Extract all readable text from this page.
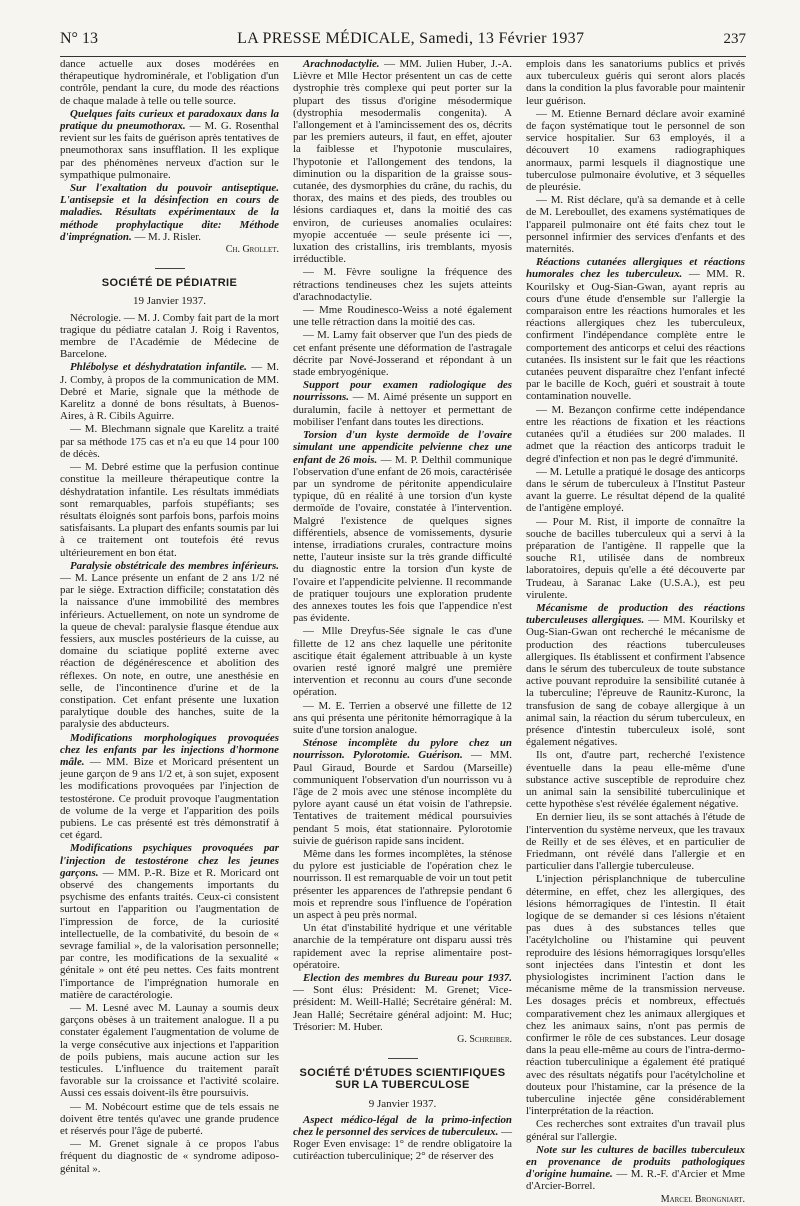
N° 13	LA PRESSE MÉDICALE, Samedi, 13 Février 1937	237

dance actuelle aux doses modérées en thérapeutique hydrominérale, et l'obligation d'un contrôle, pendant la cure, du mode des réactions de chaque malade à telle ou telle source.

Quelques faits curieux et paradoxaux dans la pratique du pneumothorax. — M. G. Rosenthal revient sur les faits de guérison après tentatives de pneumothorax sans insufflation. Il les explique par des phénomènes nerveux d'action sur le sympathique pulmonaire.

Sur l'exaltation du pouvoir antiseptique. L'antisepsie et la désinfection en cours de maladies. Résultats expérimentaux de la méthode prophylactique dite: Méthode d'imprégnation. — M. J. Risler.

Ch. Grollet.
SOCIÉTÉ DE PÉDIATRIE
19 Janvier 1937.

Nécrologie. — M. J. Comby fait part de la mort tragique du pédiatre catalan J. Roig i Raventos, membre de l'Académie de Médecine de Barcelone.

Phlébolyse et déshydratation infantile. — M. J. Comby, à propos de la communication de MM. Debré et Marie, signale que la méthode de Karelitz a donné de bons résultats, à Buenos-Aires, à R. Cibils Aguirre.

— M. Blechmann signale que Karelitz a traité par sa méthode 175 cas et n'a eu que 14 pour 100 de décès.

— M. Debré estime que la perfusion continue constitue la meilleure thérapeutique contre la déshydratation infantile. Les résultats immédiats sont remarquables, parfois stupéfiants; ses résultats éloignés sont parfois bons, parfois moins satisfaisants. La plupart des enfants soumis par lui à ce traitement ont toutefois été revus ultérieurement en bon état.

Paralysie obstétricale des membres inférieurs. — M. Lance présente un enfant de 2 ans 1/2 né par le siège. Extraction difficile; constatation dès la naissance d'une immobilité des membres inférieurs. Actuellement, on note un syndrome de la queue de cheval: paralysie flasque étendue aux fessiers, aux muscles postérieurs de la cuisse, au domaine du sciatique poplité externe avec réaction de dégénérescence et abolition des réflexes. On note, en outre, une anesthésie en selle, de l'incontinence d'urine et de la constipation. Cet enfant présente une luxation paralytique double des hanches, suite de la paralysie des abducteurs.

Modifications morphologiques provoquées chez les enfants par les injections d'hormone mâle. — MM. Bize et Moricard présentent un jeune garçon de 9 ans 1/2 et, à son sujet, exposent les modifications provoquées par l'injection de testostérone. Ce produit provoque l'augmentation de volume de la verge et l'apparition des poils pubiens. Le cas présenté est très démonstratif à cet égard.

Modifications psychiques provoquées par l'injection de testostérone chez les jeunes garçons. — MM. P.-R. Bize et R. Moricard ont observé des changements importants du psychisme des enfants traités. Ceux-ci consistent surtout en l'apparition ou l'augmentation de l'impression de force, de la curiosité intellectuelle, de la combativité, du besoin de « sevrage familial », de la valorisation personnelle; par contre, les modifications de la sexualité « génitale » ont été peu nettes. Ces faits montrent l'importance de l'imprégnation humorale en matière de caractérologie.

— M. Lesné avec M. Launay a soumis deux garçons obèses à un traitement analogue. Il a pu constater également l'augmentation de volume de la verge consécutive aux injections et l'apparition de poils pubiens, mais aucune action sur les testicules. L'influence du traitement paraît favorable sur la croissance et l'activité scolaire. Aussi ces essais doivent-ils être poursuivis.

— M. Nobécourt estime que de tels essais ne doivent être tentés qu'avec une grande prudence et réservés pour l'âge de puberté.

— M. Grenet signale à ce propos l'abus fréquent du diagnostic de « syndrome adiposo-génital ».

Arachnodactylie. — MM. Julien Huber, J.-A. Lièvre et Mlle Hector présentent un cas de cette dystrophie très complexe qui peut porter sur la plupart des tissus d'origine mésodermique (dystrophia mesodermalis congenita). A l'allongement et à l'amincissement des os, décrits par les premiers auteurs, il faut, en effet, ajouter la faiblesse et l'hypotonie musculaires, l'hypotonie et l'allongement des tendons, la diminution ou la disparition de la graisse sous-cutanée, des dysmorphies du crâne, du rachis, du thorax, des mains et des pieds, des troubles ou lésions cardiaques et, dans la moitié des cas environ, de curieuses anomalies oculaires: myopie accentuée — seule présente ici —, luxation des cristallins, iris tremblants, myosis irréductible.

— M. Fèvre souligne la fréquence des rétractions tendineuses chez les sujets atteints d'arachnodactylie.

— Mme Roudinesco-Weiss a noté également une telle rétraction dans la moitié des cas.

— M. Lamy fait observer que l'un des pieds de cet enfant présente une déformation de l'astragale décrite par Nové-Josserand et répondant à un stade embryogénique.

Support pour examen radiologique des nourrissons. — M. Aimé présente un support en duralumin, facile à nettoyer et permettant de mobiliser l'enfant dans toutes les directions.

Torsion d'un kyste dermoïde de l'ovaire simulant une appendicite pelvienne chez une enfant de 26 mois. — M. P. Delthil communique l'observation d'une enfant de 26 mois, caractérisée par un syndrome de péritonite appendiculaire typique, dû en réalité à une torsion d'un kyste dermoïde de l'ovaire, constatée à l'intervention. Malgré l'existence de quelques signes différentiels, absence de vomissements, dysurie intense, irradiations crurales, contracture moins nette, l'auteur insiste sur la très grande difficulté du diagnostic entre la torsion d'un kyste de l'ovaire et l'appendicite pelvienne. Il recommande de pratiquer toujours une exploration prudente des annexes toutes les fois que l'appendice n'est pas évidente.

— Mlle Dreyfus-Sée signale le cas d'une fillette de 12 ans chez laquelle une péritonite ascitique était également attribuable à un kyste ovarien resté ignoré malgré une première intervention et reconnu au cours d'une seconde opération.

— M. E. Terrien a observé une fillette de 12 ans qui présenta une péritonite hémorragique à la suite d'une torsion analogue.

Sténose incomplète du pylore chez un nourrisson. Pylorotomie. Guérison. — MM. Paul Giraud, Bourde et Sardou (Marseille) communiquent l'observation d'un nourrisson vu à l'âge de 2 mois avec une sténose incomplète du pylore ayant causé un état voisin de l'athrepsie. Tentatives de traitement médical poursuivies pendant 5 mois, état stationnaire. Pylorotomie suivie de guérison rapide sans incident.

Même dans les formes incomplètes, la sténose du pylore est justiciable de l'opération chez le nourrisson. Il est remarquable de voir un tout petit présenter les apparences de l'athrepsie pendant 6 mois et reprendre sous l'influence de l'opération un aspect à peu près normal.

Un état d'instabilité hydrique et une véritable anarchie de la température ont disparu aussi très rapidement avec la reprise alimentaire post-opératoire.

Election des membres du Bureau pour 1937.— Sont élus: Président: M. Grenet; Vice-président: M. Weill-Hallé; Secrétaire général: M. Jean Hallé; Secrétaire général adjoint: M. Huc; Trésorier: M. Huber.

G. Schreiber.
SOCIÉTÉ D'ÉTUDES SCIENTIFIQUES
SUR LA TUBERCULOSE
9 Janvier 1937.

Aspect médico-légal de la primo-infection chez le personnel des services de tuberculeux. — Roger Even envisage: 1° de rendre obligatoire la cutiréaction tuberculinique; 2° de réserver des

emplois dans les sanatoriums publics et privés aux tuberculeux guéris qui seront alors placés dans la condition la plus favorable pour maintenir leur guérison.

— M. Etienne Bernard déclare avoir examiné de façon systématique tout le personnel de son service hospitalier. Sur 63 employés, il a découvert 10 examens radiographiques anormaux, parmi lesquels il diagnostique une tuberculose pulmonaire évolutive, et 3 séquelles de pleurésie.

— M. Rist déclare, qu'à sa demande et à celle de M. Lereboullet, des examens systématiques de l'appareil pulmonaire ont été faits chez tout le personnel infirmier des services d'enfants et des maternités.

Réactions cutanées allergiques et réactions humorales chez les tuberculeux. — MM. R. Kourilsky et Oug-Sian-Gwan, ayant repris au cours d'une étude d'ensemble sur l'allergie la comparaison entre les réactions humorales et les réactions allergiques chez les tuberculeux, confirment l'indépendance complète entre le comportement des anticorps et celui des réactions cutanées. Ils insistent sur le fait que les réactions cutanées peuvent disparaître chez l'enfant infecté par le bacille de Koch, guéri et soustrait à toute contamination nouvelle.

— M. Bezançon confirme cette indépendance entre les réactions de fixation et les réactions cutanées qu'il a étudiées sur 200 malades. Il admet que la réaction des anticorps traduit le degré d'infection et non pas le degré d'immunité.

— M. Letulle a pratiqué le dosage des anticorps dans le sérum de tuberculeux à l'Institut Pasteur avant la guerre. Le résultat dépend de la qualité de l'antigène employé.

— Pour M. Rist, il importe de connaître la souche de bacilles tuberculeux qui a servi à la préparation de l'antigène. Il rappelle que la souche R1, utilisée dans de nombreux laboratoires, depuis qu'elle a été découverte par Trudeau, à Saranac Lake (U.S.A.), est peu virulente.

Mécanisme de production des réactions tuberculeuses allergiques. — MM. Kourilsky et Oug-Sian-Gwan ont recherché le mécanisme de production des réactions tuberculeuses allergiques. Ils établissent et confirment l'absence dans le sérum des tuberculeux de toute substance active pouvant reproduire la sensibilité cutanée à la tuberculine; l'épreuve de Raunitz-Kuronc, la transfusion de sang de cobaye allergique à un animal sain, la réaction du sérum tuberculeux, en présence d'intestin tuberculeux isolé, sont également négatives.

Ils ont, d'autre part, recherché l'existence éventuelle dans la peau elle-même d'une substance active susceptible de reproduire chez un animal sain la sensibilité tuberculinique et cette hypothèse s'est révélée également négative.

En dernier lieu, ils se sont attachés à l'étude de l'intervention du système nerveux, que les travaux de Reilly et de ses élèves, et en particulier de Friedmann, ont révélé dans l'allergie et en particulier dans l'allergie tuberculeuse.

L'injection périsplanchnique de tuberculine détermine, en effet, chez les allergiques, des lésions hémorragiques de l'intestin. Il était logique de se demander si ces lésions n'étaient pas dues à des substances telles que l'acétylcholine ou l'histamine qui peuvent reproduire des lésions hémorragiques lorsqu'elles sont injectées dans l'intestin et dont les physiologistes incriminent l'action dans le mécanisme même de la transmission nerveuse. Les dosages précis et nombreux, effectués comparativement chez les animaux allergiques et chez les animaux sains, n'ont pas permis de confirmer le rôle de ces substances. Leur dosage dans la peau elle-même au cours de l'intra-dermo-réaction tuberculinique a également été pratiqué avec des résultats négatifs pour l'acétylcholine et douteux pour l'histamine, car la présence de la tuberculine injectée gêne considérablement l'interprétation de la réaction.

Ces recherches sont extraites d'un travail plus général sur l'allergie.

Note sur les cultures de bacilles tuberculeux en provenance de produits pathologiques d'origine humaine. — M. R.-F. d'Arcier et Mme d'Arcier-Borrel.

Marcel Brongniart.
